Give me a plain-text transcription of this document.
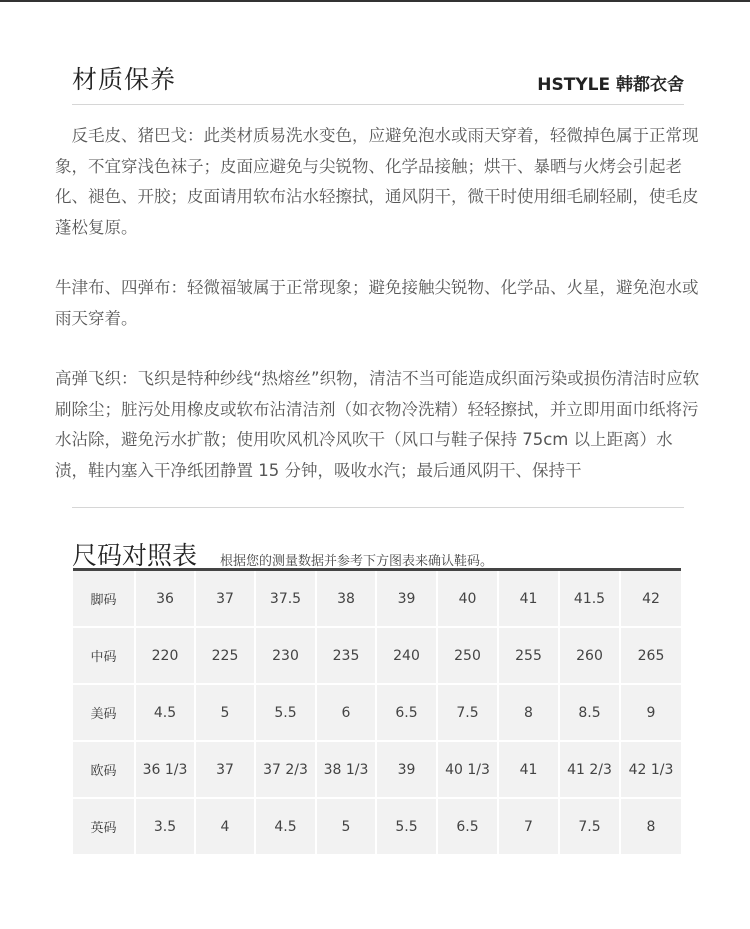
材质保养	HSTYLE 韩都衣舍

　反毛皮、猪巴戈：此类材质易洗水变色，应避免泡水或雨天穿着，轻微掉色属于正常现象，不宜穿浅色袜子；皮面应避免与尖锐物、化学品接触；烘干、暴晒与火烤会引起老化、褪色、开胶；皮面请用软布沾水轻擦拭，通风阴干，微干时使用细毛刷轻刷，使毛皮蓬松复原。

牛津布、四弹布：轻微福皱属于正常现象；避免接触尖锐物、化学品、火星，避免泡水或雨天穿着。

高弹飞织：飞织是特种纱线“热熔丝”织物，清洁不当可能造成织面污染或损伤清洁时应软刷除尘；脏污处用橡皮或软布沾清洁剂（如衣物冷洗精）轻轻擦拭，并立即用面巾纸将污水沾除，避免污水扩散；使用吹风机冷风吹干（风口与鞋子保持 75cm 以上距离）水渍，鞋内塞入干净纸团静置 15 分钟，吸收水汽；最后通风阴干、保持干

尺码对照表 根据您的测量数据并参考下方图表来确认鞋码。
脚码	36	37	37.5	38	39	40	41	41.5	42
中码	220	225	230	235	240	250	255	260	265
美码	4.5	5	5.5	6	6.5	7.5	8	8.5	9
欧码	36 1/3	37	37 2/3	38 1/3	39	40 1/3	41	41 2/3	42 1/3
英码	3.5	4	4.5	5	5.5	6.5	7	7.5	8
